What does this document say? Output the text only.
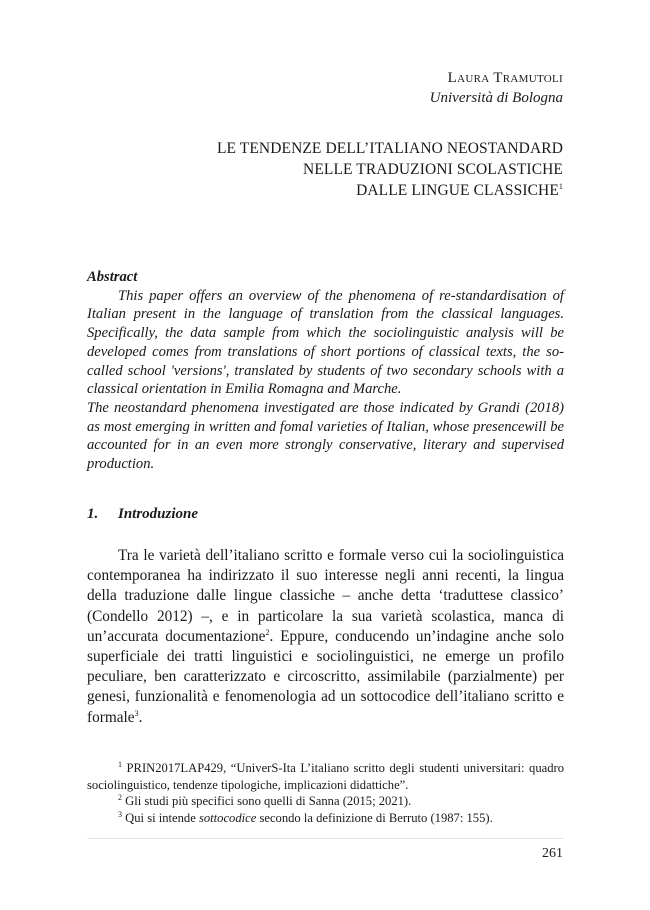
Laura Tramutoli
Università di Bologna
LE TENDENZE DELL’ITALIANO NEOSTANDARD
NELLE TRADUZIONI SCOLASTICHE
DALLE LINGUE CLASSICHE$^1$
Abstract

This paper offers an overview of the phenomena of re-standardisation of Italian present in the language of translation from the classical languages. Specifically, the data sample from which the sociolinguistic analysis will be developed comes from translations of short portions of classical texts, the so-called school 'versions', translated by students of two secondary schools with a classical orientation in Emilia Romagna and Marche.

The neostandard phenomena investigated are those indicated by Grandi (2018) as most emerging in written and fomal varieties of Italian, whose presencewill be accounted for in an even more strongly conservative, literary and supervised production.

1. Introduzione

Tra le varietà dell’italiano scritto e formale verso cui la sociolinguistica contemporanea ha indirizzato il suo interesse negli anni recenti, la lingua della traduzione dalle lingue classiche – anche detta ‘traduttese classico’ (Condello 2012) –, e in particolare la sua varietà scolastica, manca di un’accurata documentazione$^2$. Eppure, conducendo un’indagine anche solo superficiale dei tratti linguistici e sociolinguistici, ne emerge un profilo peculiare, ben caratterizzato e circoscritto, assimilabile (parzialmente) per genesi, funzionalità e fenomenologia ad un sottocodice dell’italiano scritto e formale$^3$.

$^1$ PRIN2017LAP429, “UniverS-Ita L’italiano scritto degli studenti universitari: quadro sociolinguistico, tendenze tipologiche, implicazioni didattiche”.

$^2$ Gli studi più specifici sono quelli di Sanna (2015; 2021).

$^3$ Qui si intende sottocodice secondo la definizione di Berruto (1987: 155).

261
